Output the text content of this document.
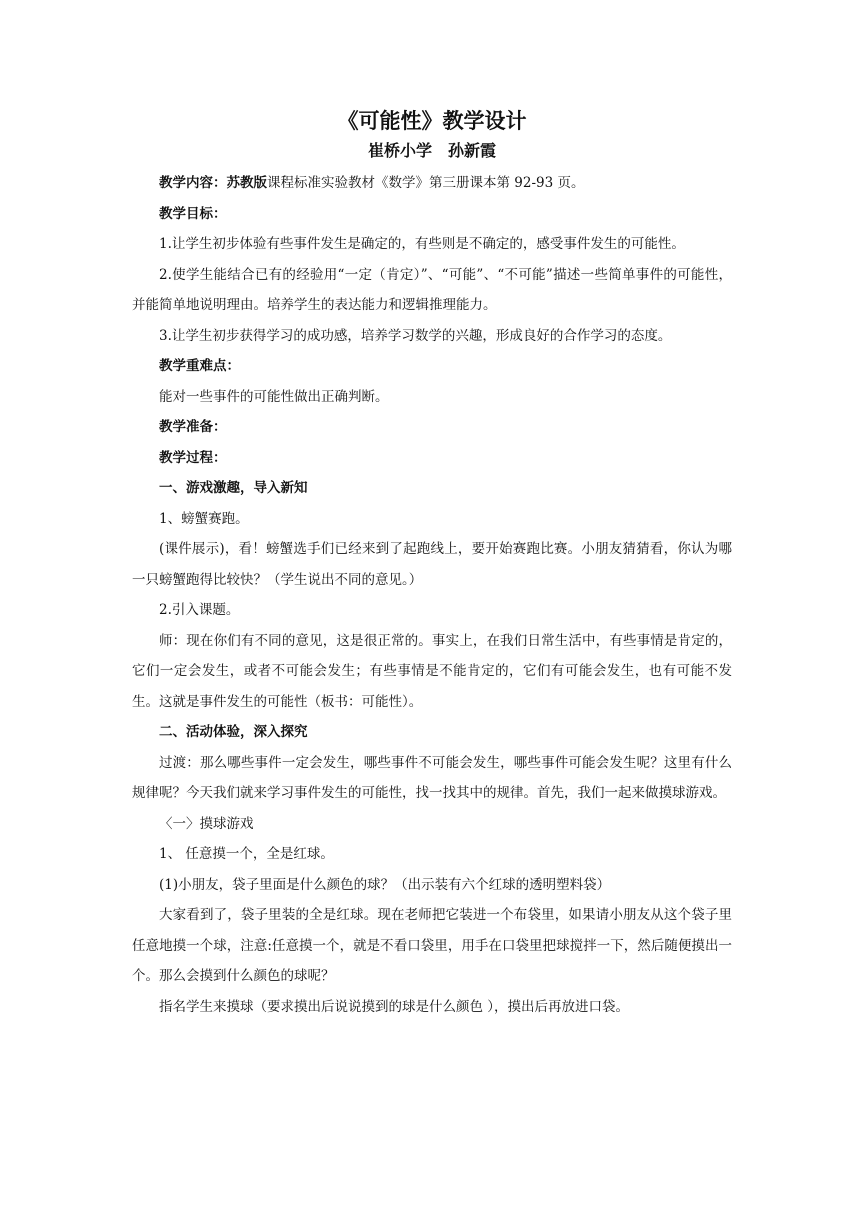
《可能性》教学设计

崔桥小学　孙新霞

教学内容：苏教版课程标准实验教材《数学》第三册课本第 92-93 页。

教学目标：

1.让学生初步体验有些事件发生是确定的，有些则是不确定的，感受事件发生的可能性。

2.使学生能结合已有的经验用“一定（肯定）”、“可能”、“不可能”描述一些简单事件的可能性，并能简单地说明理由。培养学生的表达能力和逻辑推理能力。

3.让学生初步获得学习的成功感，培养学习数学的兴趣，形成良好的合作学习的态度。

教学重难点：

能对一些事件的可能性做出正确判断。

教学准备：

教学过程：

一、游戏激趣，导入新知

1、螃蟹赛跑。

(课件展示)，看！螃蟹选手们已经来到了起跑线上，要开始赛跑比赛。小朋友猜猜看，你认为哪一只螃蟹跑得比较快？（学生说出不同的意见。）

2.引入课题。

师：现在你们有不同的意见，这是很正常的。事实上，在我们日常生活中，有些事情是肯定的，它们一定会发生，或者不可能会发生；有些事情是不能肯定的，它们有可能会发生，也有可能不发生。这就是事件发生的可能性（板书：可能性）。

二、活动体验，深入探究

过渡：那么哪些事件一定会发生，哪些事件不可能会发生，哪些事件可能会发生呢？这里有什么规律呢？今天我们就来学习事件发生的可能性，找一找其中的规律。首先，我们一起来做摸球游戏。

〈一〉摸球游戏

1、 任意摸一个，全是红球。

(1)小朋友，袋子里面是什么颜色的球？（出示装有六个红球的透明塑料袋）

大家看到了，袋子里装的全是红球。现在老师把它装进一个布袋里，如果请小朋友从这个袋子里任意地摸一个球，注意:任意摸一个，就是不看口袋里，用手在口袋里把球搅拌一下，然后随便摸出一个。那么会摸到什么颜色的球呢？

指名学生来摸球（要求摸出后说说摸到的球是什么颜色 ），摸出后再放进口袋。
